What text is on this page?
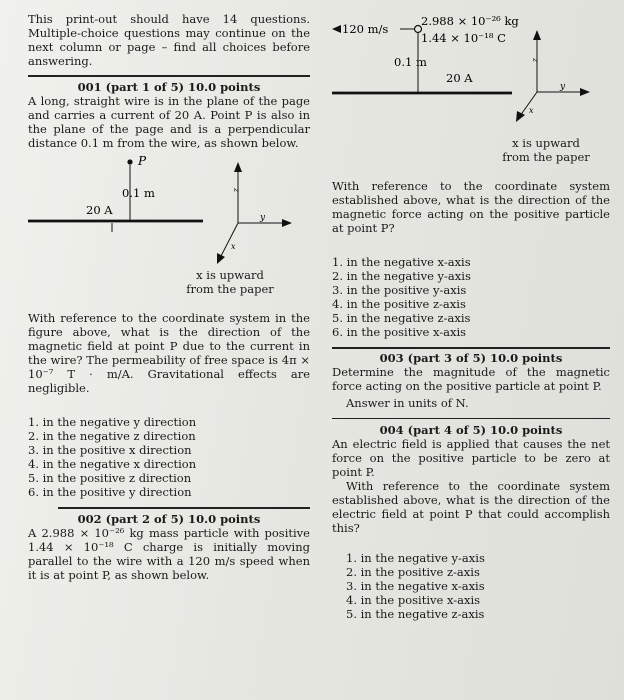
This print-out should have 14 questions. Multiple-choice questions may continue on the next column or page – find all choices before answering.

001 (part 1 of 5) 10.0 points

A long, straight wire is in the plane of the page and carries a current of 20 A. Point P is also in the plane of the page and is a perpendicular distance 0.1 m from the wire, as shown below.

P
0.1 m
20 A
z
y
x

x is upward

from the paper

With reference to the coordinate system in the figure above, what is the direction of the magnetic field at point P due to the current in the wire? The permeability of free space is 4π × 10⁻⁷ T · m/A. Gravitational effects are negligible.

1. in the negative y direction
2. in the negative z direction
3. in the positive x direction
4. in the negative x direction
5. in the positive z direction
6. in the positive y direction

002 (part 2 of 5) 10.0 points

A 2.988 × 10⁻²⁶ kg mass particle with positive 1.44 × 10⁻¹⁸ C charge is initially moving parallel to the wire with a 120 m/s speed when it is at point P, as shown below.

120 m/s
2.988 × 10⁻²⁶ kg
1.44 × 10⁻¹⁸ C
0.1 m
20 A
z
y
x

x is upward

from the paper

With reference to the coordinate system established above, what is the direction of the magnetic force acting on the positive particle at point P?

1. in the negative x-axis
2. in the negative y-axis
3. in the positive y-axis
4. in the positive z-axis
5. in the negative z-axis
6. in the positive x-axis

003 (part 3 of 5) 10.0 points

Determine the magnitude of the magnetic force acting on the positive particle at point P.

Answer in units of N.

004 (part 4 of 5) 10.0 points

An electric field is applied that causes the net force on the positive particle to be zero at point P.

With reference to the coordinate system established above, what is the direction of the electric field at point P that could accomplish this?

1. in the negative y-axis
2. in the positive z-axis
3. in the negative x-axis
4. in the positive x-axis
5. in the negative z-axis
